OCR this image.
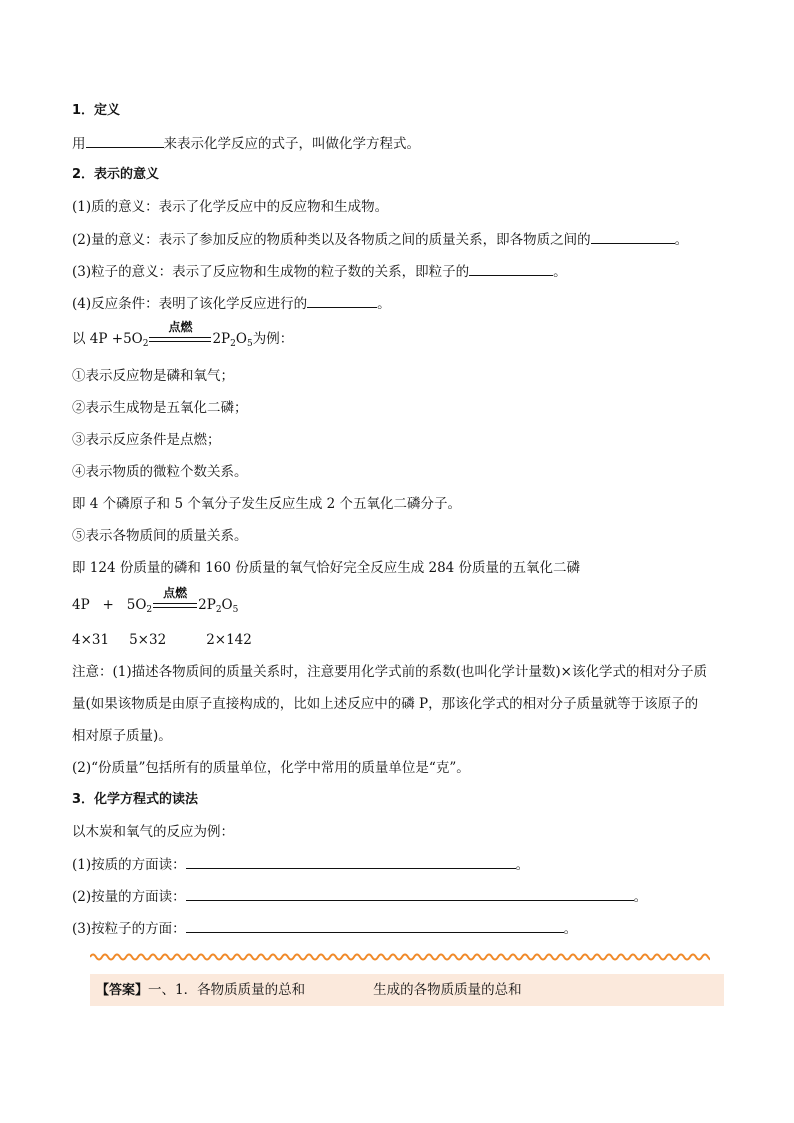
1．定义
用	来表示化学反应的式子，叫做化学方程式。
2．表示的意义
(1)质的意义：表示了化学反应中的反应物和生成物。
(2)量的意义：表示了参加反应的物质种类以及各物质之间的质量关系，即各物质之间的	。
(3)粒子的意义：表示了反应物和生成物的粒子数的关系，即粒子的	。
(4)反应条件：表明了该化学反应进行的	。
以 $4P +5O_2$
点燃
$2P_2O_5$为例：
①表示反应物是磷和氧气；
②表示生成物是五氧化二磷；
③表示反应条件是点燃；
④表示物质的微粒个数关系。
即 4 个磷原子和 5 个氧分子发生反应生成 2 个五氧化二磷分子。
⑤表示各物质间的质量关系。
即 124 份质量的磷和 160 份质量的氧气恰好完全反应生成 284 份质量的五氧化二磷
$4P + 5O_2$
点燃
$2P_2O_5$
4×31 5×32	2×142
注意：(1)描述各物质间的质量关系时，注意要用化学式前的系数(也叫化学计量数)×该化学式的相对分子质
量(如果该物质是由原子直接构成的，比如上述反应中的磷 P，那该化学式的相对分子质量就等于该原子的
相对原子质量)。
(2)“份质量”包括所有的质量单位，化学中常用的质量单位是“克”。
3．化学方程式的读法
以木炭和氧气的反应为例：
(1)按质的方面读：	。
(2)按量的方面读：	。
(3)按粒子的方面：	。
【答案】一、1．各物质质量的总和	生成的各物质质量的总和
